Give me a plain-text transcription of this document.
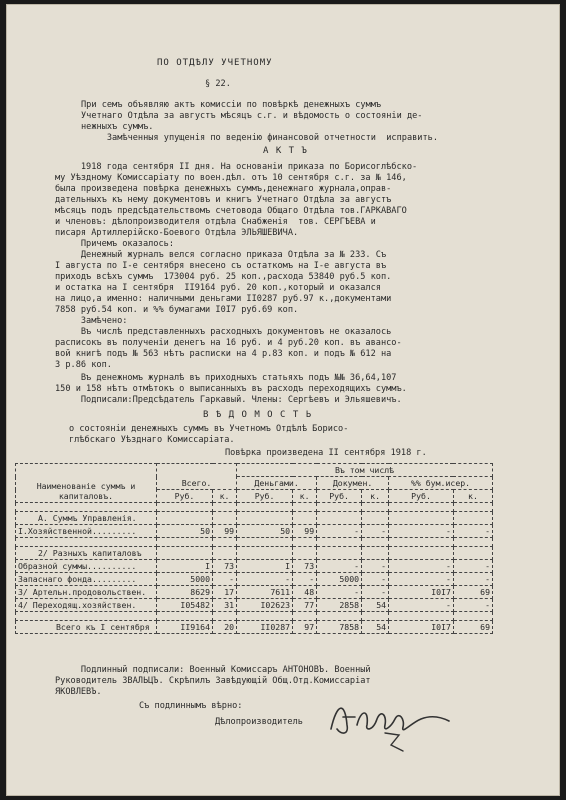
ПО ОТДѢЛУ УЧЕТНОМУ
§ 22.
При семъ объявляю актъ комиссiи по повѣркѣ денежныхъ суммъ
Учетнаго Отдѣла за августъ мѣсяцъ с.г. и вѣдомость о состоянiи де-
нежныхъ суммъ.
Замѣченныя упущенiя по веденiю финансовой отчетности  исправить.
А К Т Ъ
1918 года сентября II дня. На основанiи приказа по Борисоглѣбско-
му Уѣздному Комиссарiату по воен.дѣл. отъ 10 сентября с.г. за № 146,
была произведена повѣрка денежныхъ суммъ,денежнаго журнала,оправ-
дательныхъ къ нему документовъ и книгъ Учетнаго Отдѣла за августъ
мѣсяцъ подъ предсѣдательствомъ счетовода Общаго Отдѣла тов.ГАРКАВАГО
и членовъ: дѣлопроизводителя отдѣла Снабженiя  тов. СЕРГѢЕВА и
писаря Артиллерiйско-Боевого Отдѣла ЭЛЬЯШЕВИЧА.
Причемъ оказалось:
Денежный журналъ велся согласно приказа Отдѣла за № 233. Съ
I августа по I-е сентября внесено съ остаткомъ на I-е августа въ
приходъ всѣхъ суммъ  173004 руб. 25 коп.,расхода 53840 руб.5 коп.
и остатка на I сентября  II9164 руб. 20 коп.,который и оказался
на лицо,а именно: наличными деньгами II0287 руб.97 к.,документами
7858 руб.54 коп. и %% бумагами I0I7 руб.69 коп.
Замѣчено:
Въ числѣ представленныхъ расходныхъ документовъ не оказалось
расписокъ въ полученiи денегъ на 16 руб. и 4 руб.20 коп. въ авансо-
вой книгѣ подъ № 563 нѣтъ расписки на 4 р.83 коп. и подъ № 612 на
3 р.86 коп.
Въ денежномъ журналѣ въ приходныхъ статьяхъ подъ №№ 36,64,107
150 и 158 нѣтъ отмѣтокъ о выписанныхъ въ расходъ переходящихъ суммъ.
Подписали:Предсѣдатель Гаркавый. Члены: Сергѣевъ и Эльяшевичъ.
В Ѣ Д О М О С Т Ь
о состоянiи денежныхъ суммъ въ Учетномъ Отдѣлѣ Борисо-
глѣбскаго Уѣзднаго Комиссарiата.
Повѣрка произведена II сентября 1918 г.
Наименованiе суммъ и капиталовъ.	Всего.		Въ том числѣ					
			Деньгами.		Докумен.		%% бум.исер.	
	Руб.	к.	Руб.	к.	Руб.	к.	Руб.	к.

А. Суммъ Управленiя.								
I.Хозяйственной.........	50	99	50	99	-	-	-	-

2/ Разныхъ капиталовъ								
Образной суммы..........	I	73	I	73	-	-	-	-
Запаснаго фонда.........	5000	-	-	-	5000	-	-	-
3/ Артельн.продовольствен.	8629	17	7611	48	-	-	I0I7	69
4/ Переходящ.хозяйствен.	I05482	31	I02623	77	2858	54	-	-

Всего къ I сентября	II9164	20	II0287	97	7858	54	I0I7	69
Подлинный подписали: Военный Комиссаръ АНТОНОВЪ. Военный
Руководитель ЗВАЛЬЦЪ. Скрѣпилъ Завѣдующiй Общ.Отд.Комиссарiат
ЯКОВЛЕВЪ.
Съ подлиннымъ вѣрно:
Дѣлопроизводитель
